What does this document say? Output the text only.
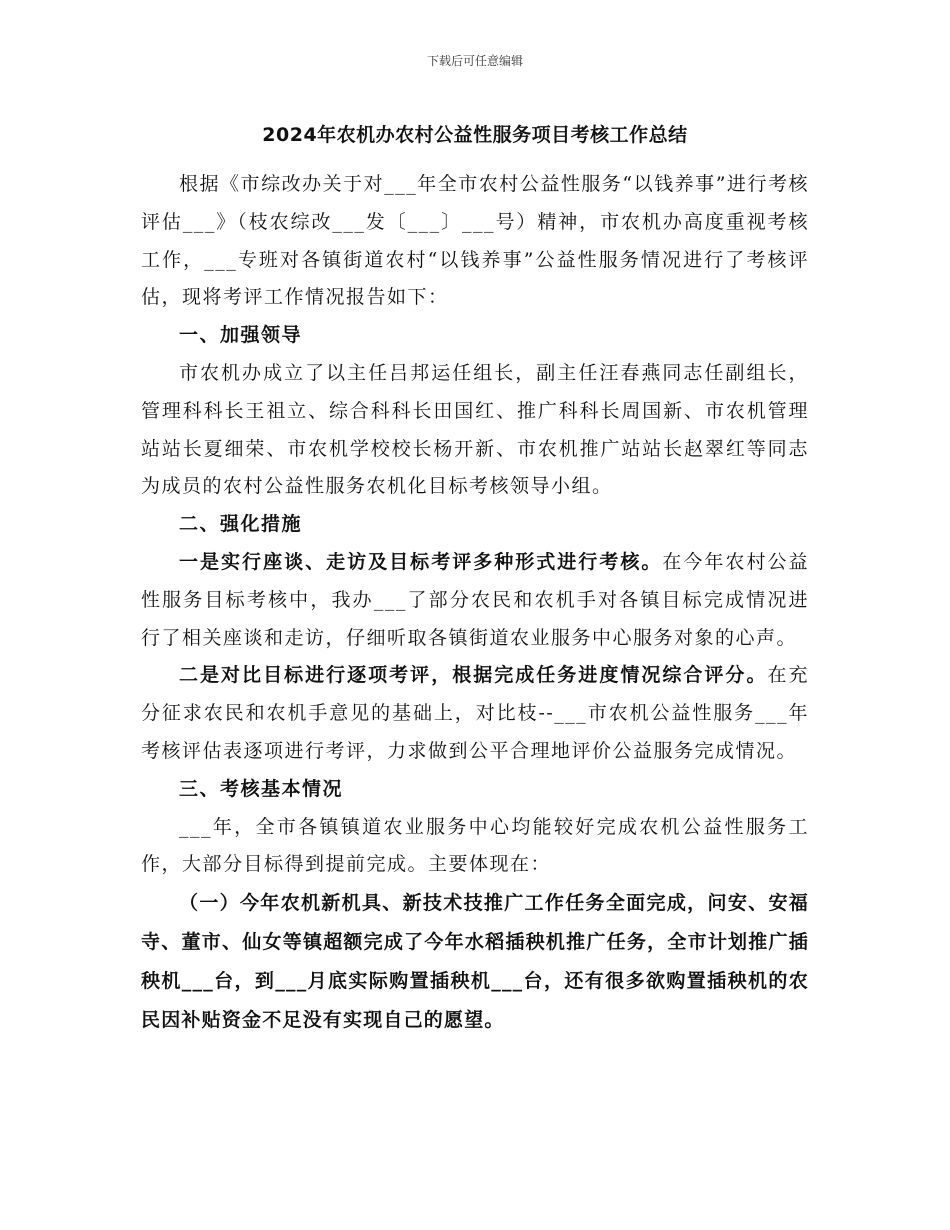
下载后可任意编辑
2024年农机办农村公益性服务项目考核工作总结

根据《市综改办关于对___年全市农村公益性服务“以钱养事”进行考核评估___》（枝农综改___发〔___〕___号）精神，市农机办高度重视考核工作，___专班对各镇街道农村“以钱养事”公益性服务情况进行了考核评估，现将考评工作情况报告如下：

一、加强领导

市农机办成立了以主任吕邦运任组长，副主任汪春燕同志任副组长，管理科科长王祖立、综合科科长田国红、推广科科长周国新、市农机管理站站长夏细荣、市农机学校校长杨开新、市农机推广站站长赵翠红等同志为成员的农村公益性服务农机化目标考核领导小组。

二、强化措施

一是实行座谈、走访及目标考评多种形式进行考核。在今年农村公益性服务目标考核中，我办___了部分农民和农机手对各镇目标完成情况进行了相关座谈和走访，仔细听取各镇街道农业服务中心服务对象的心声。

二是对比目标进行逐项考评，根据完成任务进度情况综合评分。在充分征求农民和农机手意见的基础上，对比枝--___市农机公益性服务___年考核评估表逐项进行考评，力求做到公平合理地评价公益服务完成情况。

三、考核基本情况

___年，全市各镇镇道农业服务中心均能较好完成农机公益性服务工作，大部分目标得到提前完成。主要体现在：

（一）今年农机新机具、新技术技推广工作任务全面完成，问安、安福寺、董市、仙女等镇超额完成了今年水稻插秧机推广任务，全市计划推广插秧机___台，到___月底实际购置插秧机___台，还有很多欲购置插秧机的农民因补贴资金不足没有实现自己的愿望。
